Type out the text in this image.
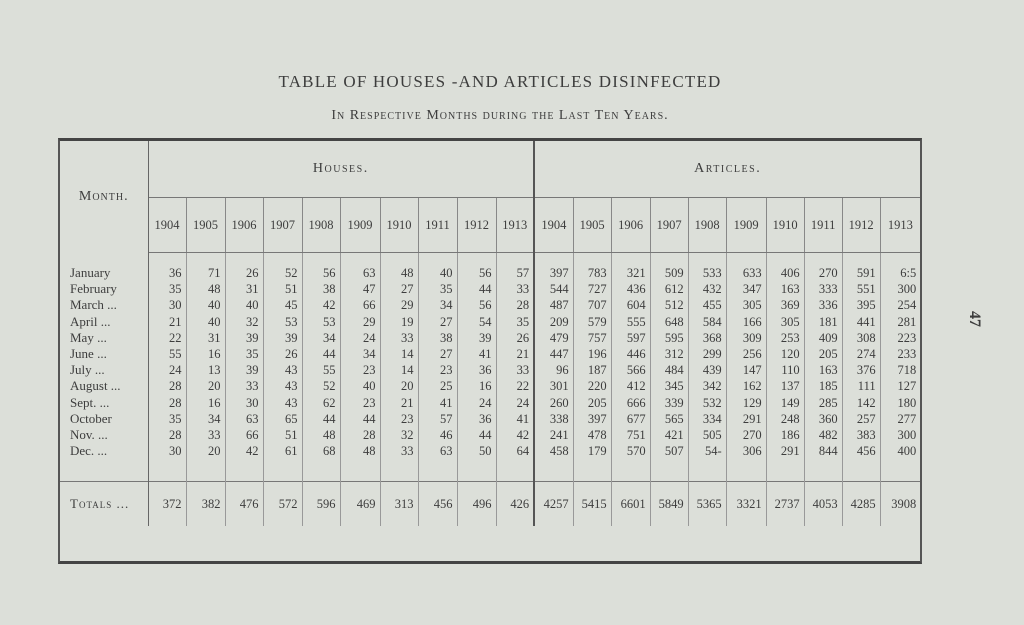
TABLE OF HOUSES -AND ARTICLES DISINFECTED
In Respective Months during the Last Ten Years.
47
Month.	Houses.										Articles.									
	1904	1905	1906	1907	1908	1909	1910	1911	1912	1913	1904	1905	1906	1907	1908	1909	1910	1911	1912	1913

January	36	71	26	52	56	63	48	40	56	57	397	783	321	509	533	633	406	270	591	6:5
February	35	48	31	51	38	47	27	35	44	33	544	727	436	612	432	347	163	333	551	300
March ...	30	40	40	45	42	66	29	34	56	28	487	707	604	512	455	305	369	336	395	254
April ...	21	40	32	53	53	29	19	27	54	35	209	579	555	648	584	166	305	181	441	281
May ...	22	31	39	39	34	24	33	38	39	26	479	757	597	595	368	309	253	409	308	223
June ...	55	16	35	26	44	34	14	27	41	21	447	196	446	312	299	256	120	205	274	233
July ...	24	13	39	43	55	23	14	23	36	33	96	187	566	484	439	147	110	163	376	718
August ...	28	20	33	43	52	40	20	25	16	22	301	220	412	345	342	162	137	185	111	127
Sept. ...	28	16	30	43	62	23	21	41	24	24	260	205	666	339	532	129	149	285	142	180
October	35	34	63	65	44	44	23	57	36	41	338	397	677	565	334	291	248	360	257	277
Nov. ...	28	33	66	51	48	28	32	46	44	42	241	478	751	421	505	270	186	482	383	300
Dec. ...	30	20	42	61	68	48	33	63	50	64	458	179	570	507	54-	306	291	844	456	400

Totals ...	372	382	476	572	596	469	313	456	496	426	4257	5415	6601	5849	5365	3321	2737	4053	4285	3908
